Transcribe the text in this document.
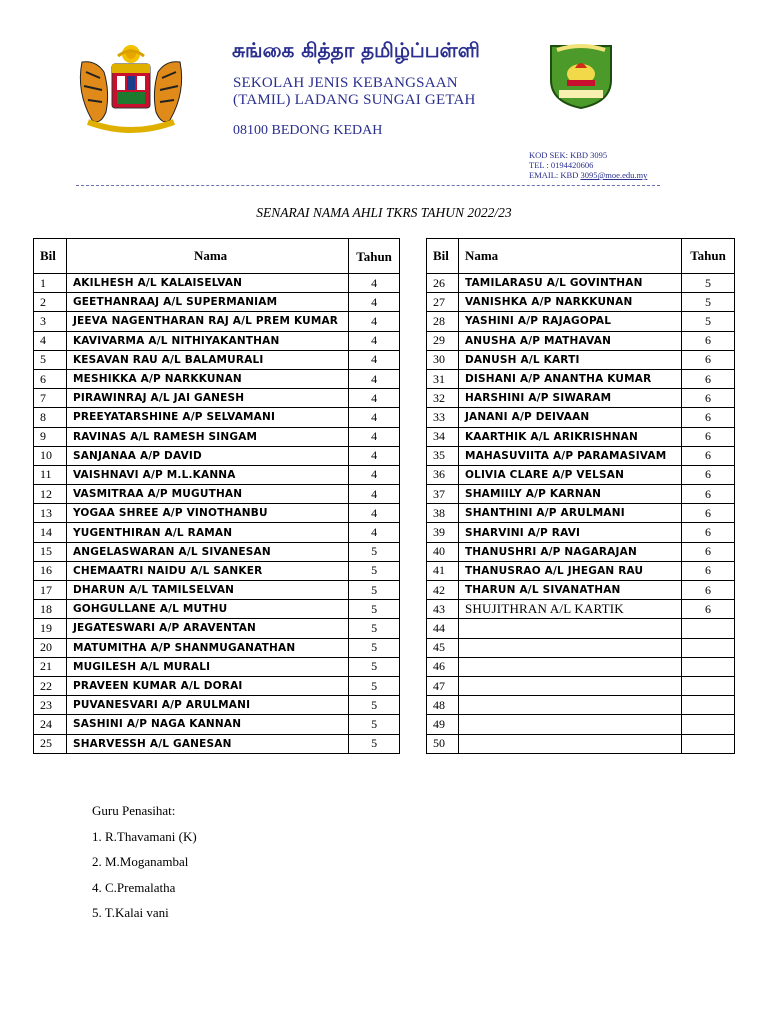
சுங்கை கித்தா தமிழ்ப்பள்ளி
SEKOLAH JENIS KEBANGSAAN
(TAMIL) LADANG SUNGAI GETAH
08100 BEDONG KEDAH
KOD SEK: KBD 3095
TEL : 0194420606
EMAIL: KBD 3095@moe.edu.my
SENARAI NAMA AHLI TKRS TAHUN 2022/23
Bil	Nama	Tahun
1	AKILHESH A/L KALAISELVAN	4
2	GEETHANRAAJ A/L SUPERMANIAM	4
3	JEEVA NAGENTHARAN RAJ A/L PREM KUMAR	4
4	KAVIVARMA A/L NITHIYAKANTHAN	4
5	KESAVAN RAU A/L BALAMURALI	4
6	MESHIKKA A/P NARKKUNAN	4
7	PIRAWINRAJ A/L JAI GANESH	4
8	PREEYATARSHINE A/P SELVAMANI	4
9	RAVINAS A/L RAMESH SINGAM	4
10	SANJANAA A/P DAVID	4
11	VAISHNAVI A/P M.L.KANNA	4
12	VASMITRAA A/P MUGUTHAN	4
13	YOGAA SHREE A/P VINOTHANBU	4
14	YUGENTHIRAN A/L RAMAN	4
15	ANGELASWARAN A/L SIVANESAN	5
16	CHEMAATRI NAIDU A/L SANKER	5
17	DHARUN A/L TAMILSELVAN	5
18	GOHGULLANE A/L MUTHU	5
19	JEGATESWARI A/P ARAVENTAN	5
20	MATUMITHA A/P SHANMUGANATHAN	5
21	MUGILESH A/L MURALI	5
22	PRAVEEN KUMAR A/L DORAI	5
23	PUVANESVARI A/P ARULMANI	5
24	SASHINI A/P NAGA KANNAN	5
25	SHARVESSH A/L GANESAN	5
Bil	Nama	Tahun
26	TAMILARASU A/L GOVINTHAN	5
27	VANISHKA A/P NARKKUNAN	5
28	YASHINI A/P RAJAGOPAL	5
29	ANUSHA A/P MATHAVAN	6
30	DANUSH A/L KARTI	6
31	DISHANI A/P ANANTHA KUMAR	6
32	HARSHINI A/P SIWARAM	6
33	JANANI A/P DEIVAAN	6
34	KAARTHIK A/L ARIKRISHNAN	6
35	MAHASUVIITA A/P PARAMASIVAM	6
36	OLIVIA CLARE A/P VELSAN	6
37	SHAMIILY A/P KARNAN	6
38	SHANTHINI A/P ARULMANI	6
39	SHARVINI A/P RAVI	6
40	THANUSHRI A/P NAGARAJAN	6
41	THANUSRAO A/L JHEGAN RAU	6
42	THARUN A/L SIVANATHAN	6
43	SHUJITHRAN A/L KARTIK	6
44		
45		
46		
47		
48		
49		
50		
Guru Penasihat:
1. R.Thavamani (K)
2. M.Moganambal
4. C.Premalatha
5. T.Kalai vani
